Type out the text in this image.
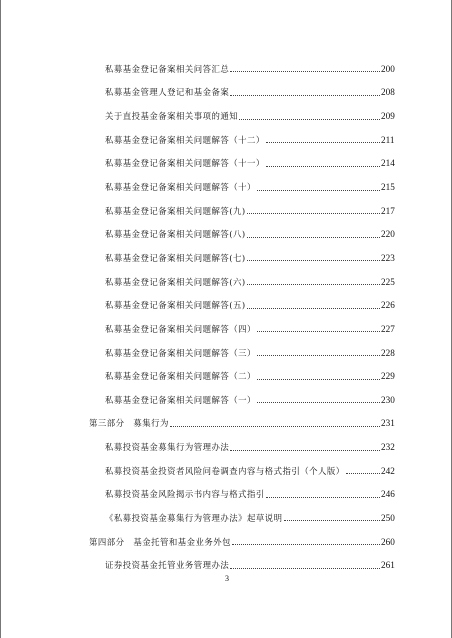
私募基金登记备案相关问答汇总	200
私募基金管理人登记和基金备案	208
关于直投基金备案相关事项的通知	209
私募基金登记备案相关问题解答（十二）	211
私募基金登记备案相关问题解答（十一）	214
私募基金登记备案相关问题解答（十）	215
私募基金登记备案相关问题解答(九)	217
私募基金登记备案相关问题解答(八)	220
私募基金登记备案相关问题解答(七)	223
私募基金登记备案相关问题解答(六)	225
私募基金登记备案相关问题解答(五)	226
私募基金登记备案相关问题解答（四）	227
私募基金登记备案相关问题解答（三）	228
私募基金登记备案相关问题解答（二）	229
私募基金登记备案相关问题解答（一）	230
第三部分　募集行为	231
私募投资基金募集行为管理办法	232
私募投资基金投资者风险问卷调查内容与格式指引（个人版）	242
私募投资基金风险揭示书内容与格式指引	246
《私募投资基金募集行为管理办法》起草说明	250
第四部分　基金托管和基金业务外包	260
证券投资基金托管业务管理办法	261
3
